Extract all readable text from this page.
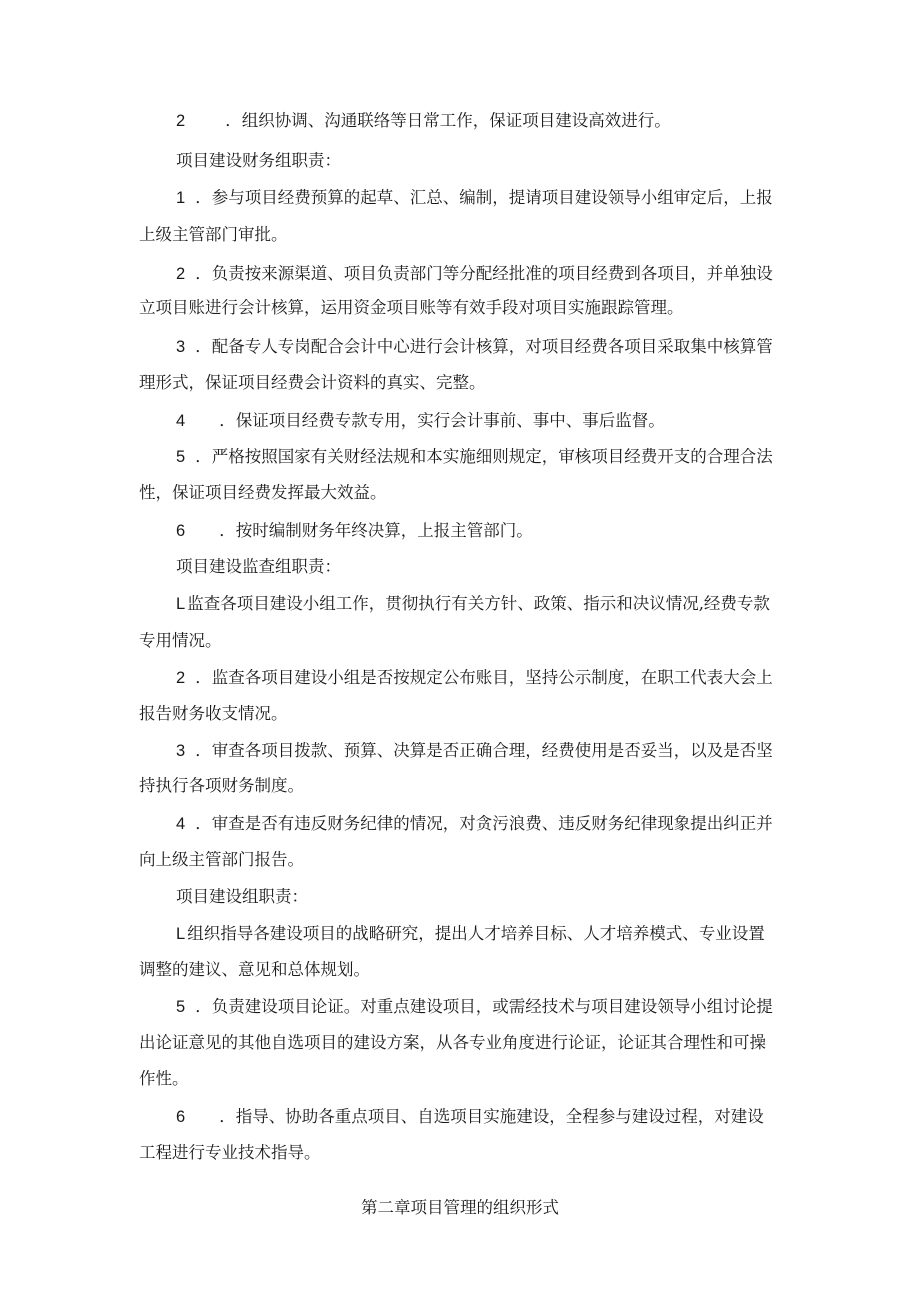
2 ．组织协调、沟通联络等日常工作，保证项目建设高效进行。
项目建设财务组职责：
1 ．参与项目经费预算的起草、汇总、编制，提请项目建设领导小组审定后，上报
上级主管部门审批。
2 ．负责按来源渠道、项目负责部门等分配经批准的项目经费到各项目，并单独设
立项目账进行会计核算，运用资金项目账等有效手段对项目实施跟踪管理。
3 ．配备专人专岗配合会计中心进行会计核算，对项目经费各项目采取集中核算管
理形式，保证项目经费会计资料的真实、完整。
4 ．保证项目经费专款专用，实行会计事前、事中、事后监督。
5 ．严格按照国家有关财经法规和本实施细则规定，审核项目经费开支的合理合法
性，保证项目经费发挥最大效益。
6 ．按时编制财务年终决算，上报主管部门。
项目建设监查组职责：
L 监查各项目建设小组工作，贯彻执行有关方针、政策、指示和决议情况,经费专款
专用情况。
2 ．监查各项目建设小组是否按规定公布账目，坚持公示制度，在职工代表大会上
报告财务收支情况。
3 ．审查各项目拨款、预算、决算是否正确合理，经费使用是否妥当，以及是否坚
持执行各项财务制度。
4 ．审查是否有违反财务纪律的情况，对贪污浪费、违反财务纪律现象提出纠正并
向上级主管部门报告。
项目建设组职责：
L 组织指导各建设项目的战略研究，提出人才培养目标、人才培养模式、专业设置
调整的建议、意见和总体规划。
5 ．负责建设项目论证。对重点建设项目，或需经技术与项目建设领导小组讨论提
出论证意见的其他自选项目的建设方案，从各专业角度进行论证，论证其合理性和可操
作性。
6 ．指导、协助各重点项目、自选项目实施建设，全程参与建设过程，对建设
工程进行专业技术指导。
第二章项目管理的组织形式
